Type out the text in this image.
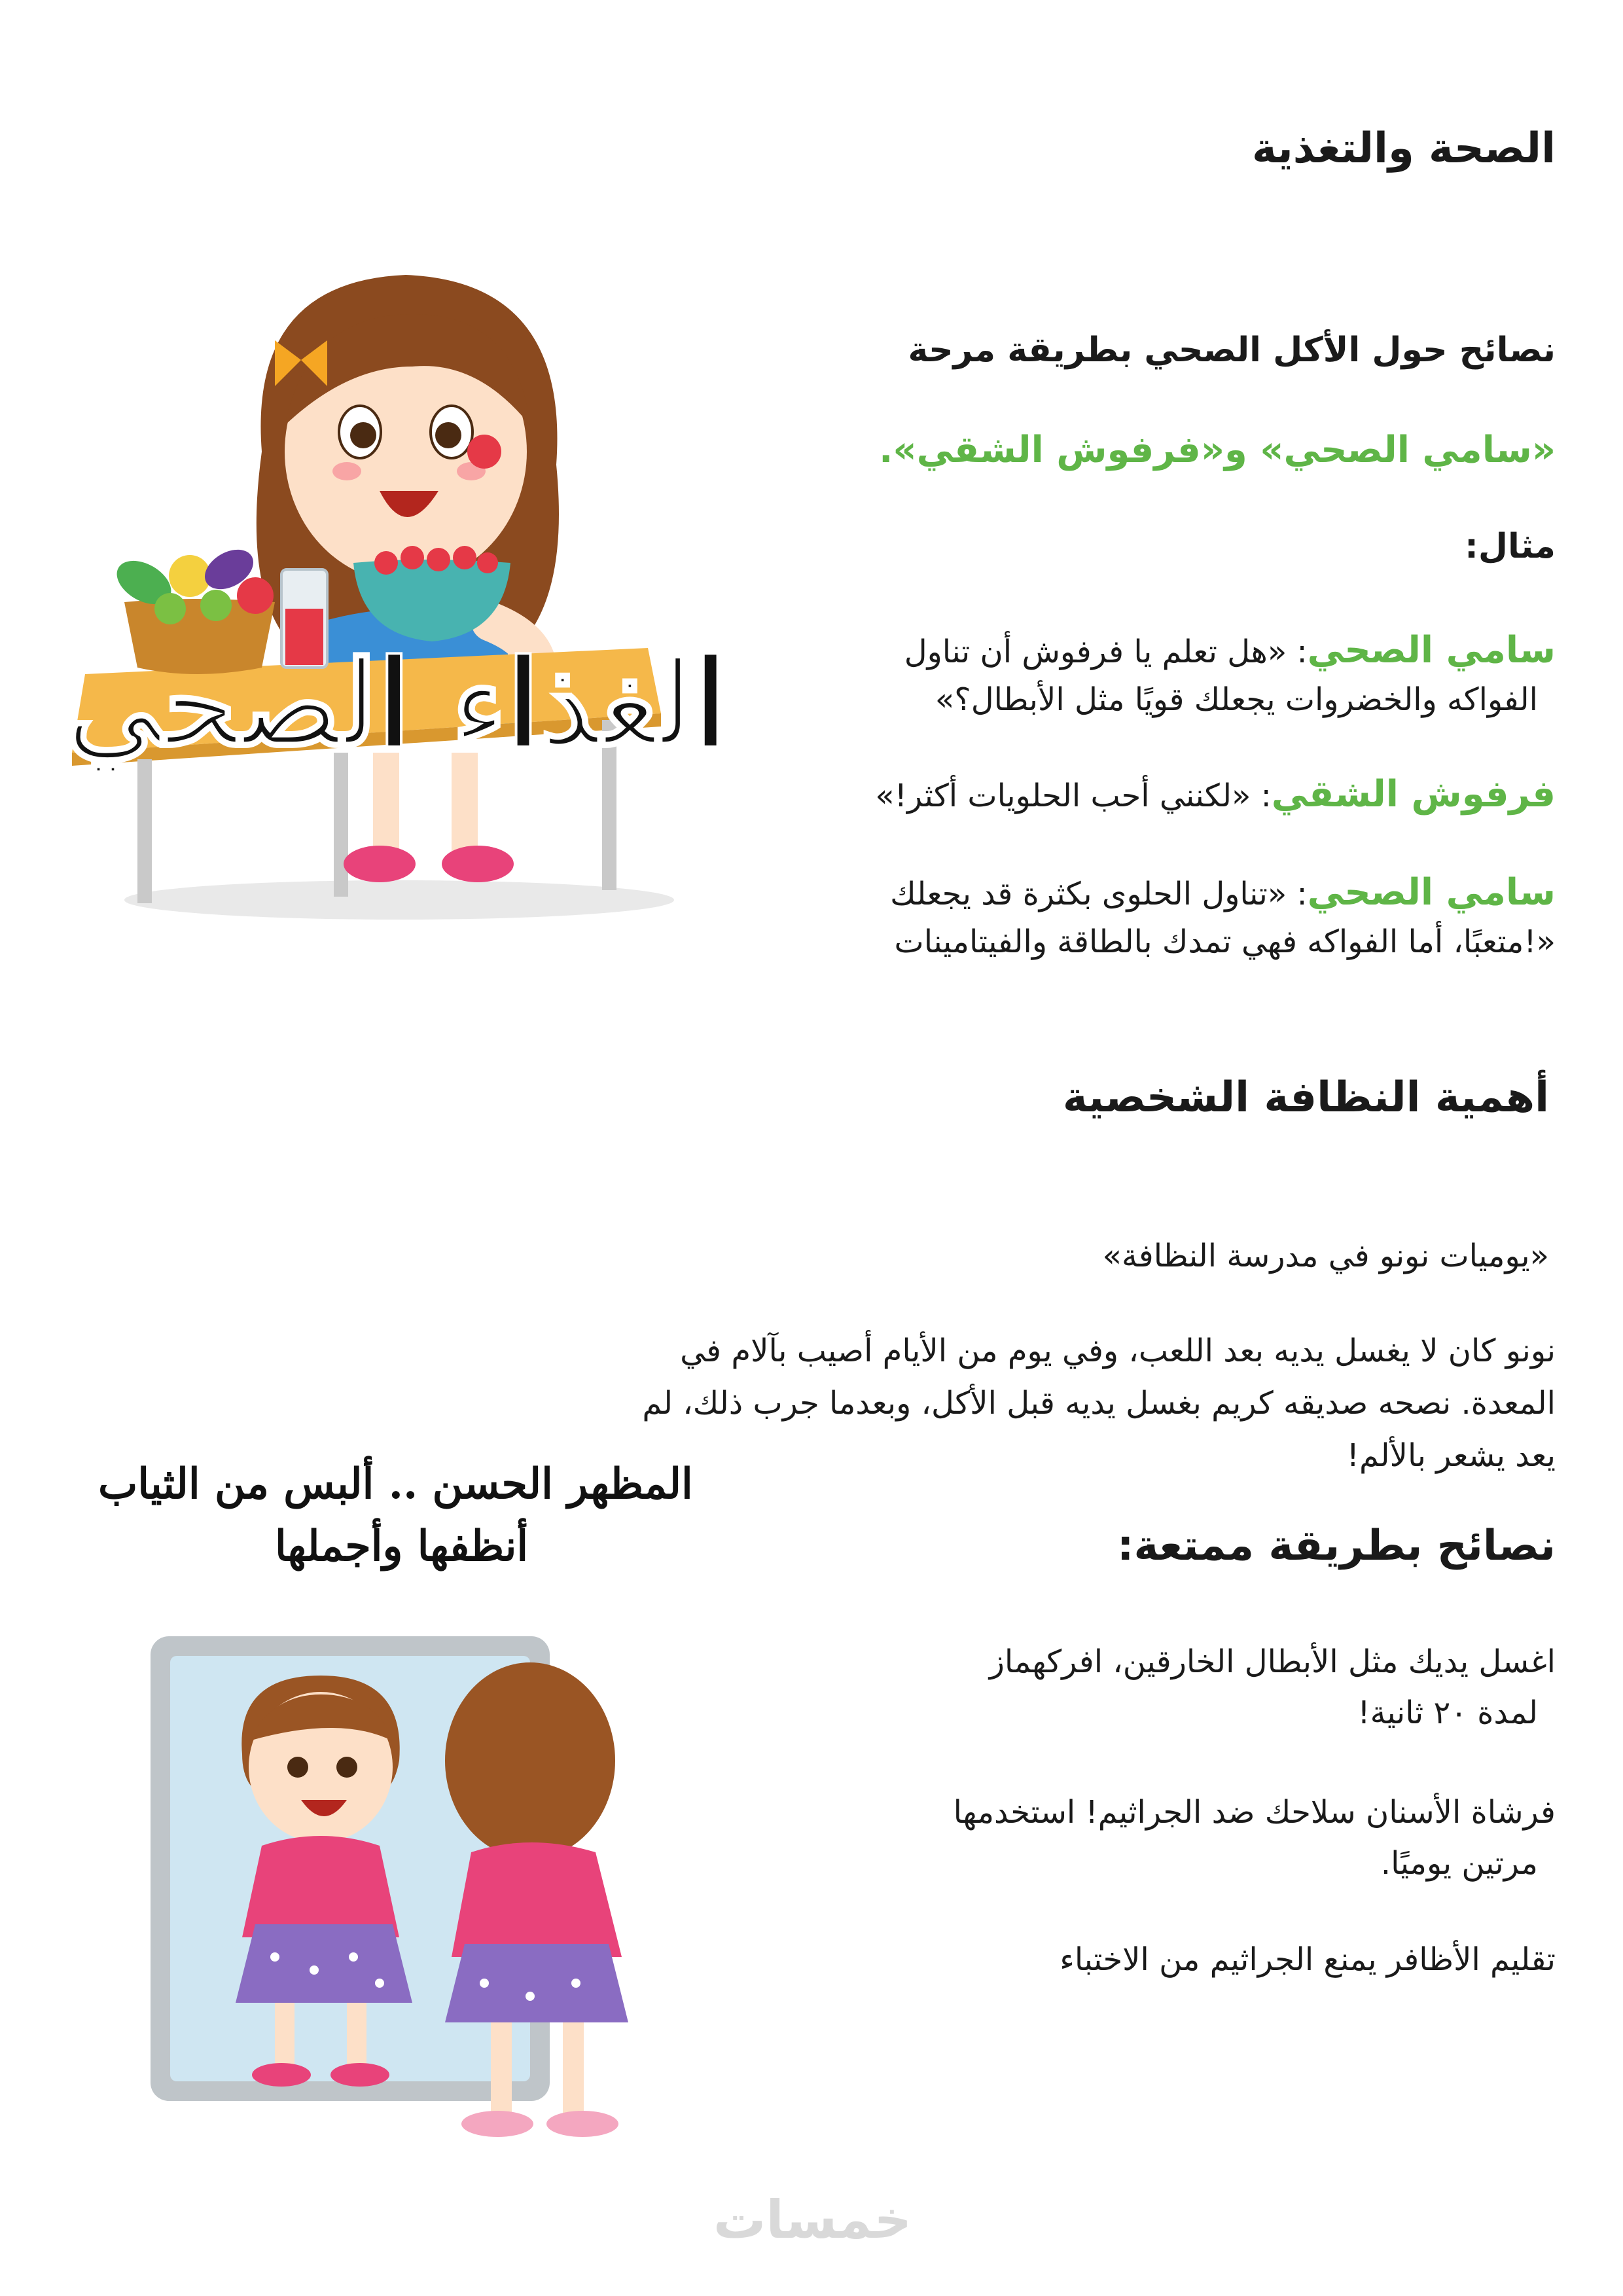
الصحة والتغذية
نصائح حول الأكل الصحي بطريقة مرحة
«سامي الصحي» و«فرفوش الشقي».
مثال:
سامي الصحي: «هل تعلم يا فرفوش أن تناول
الفواكه والخضروات يجعلك قويًا مثل الأبطال؟»
فرفوش الشقي: «لكنني أحب الحلويات أكثر!»
سامي الصحي: «تناول الحلوى بكثرة قد يجعلك
«!متعبًا، أما الفواكه فهي تمدك بالطاقة والفيتامينات
الغذاء الصحي
أهمية النظافة الشخصية
«يوميات نونو في مدرسة النظافة»
نونو كان لا يغسل يديه بعد اللعب، وفي يوم من الأيام أصيب بآلام في
المعدة. نصحه صديقه كريم بغسل يديه قبل الأكل، وبعدما جرب ذلك، لم
يعد يشعر بالألم!
نصائح بطريقة ممتعة:
اغسل يديك مثل الأبطال الخارقين، افركهماز
لمدة ٢٠ ثانية!
فرشاة الأسنان سلاحك ضد الجراثيم! استخدمها
مرتين يوميًا.
تقليم الأظافر يمنع الجراثيم من الاختباء
المظهر الحسن .. ألبس من الثياب
أنظفها وأجملها
خمسات
